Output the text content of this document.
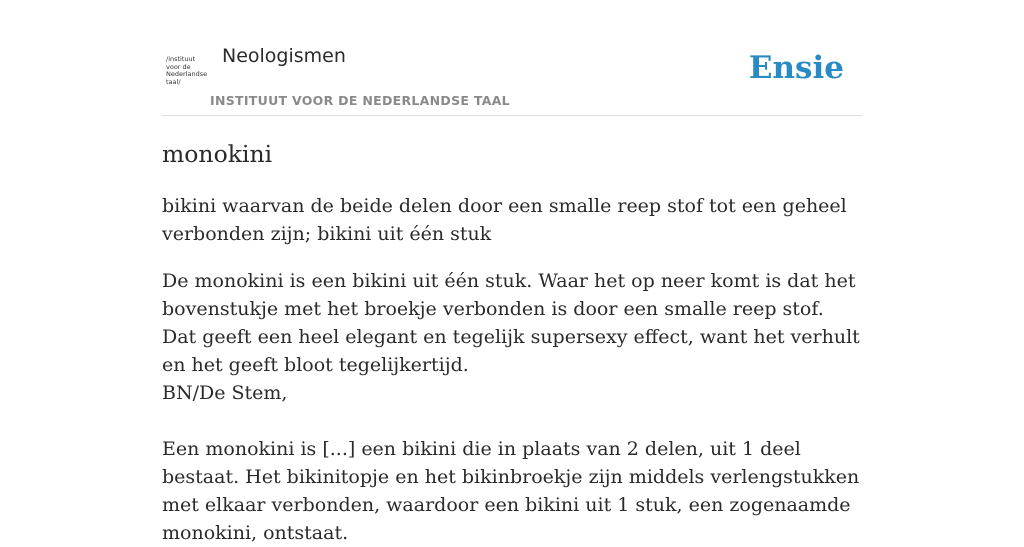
/instituut
voor de
Nederlandse
taal/
Neologismen
INSTITUUT VOOR DE NEDERLANDSE TAAL
Ensie
monokini

bikini waarvan de beide delen door een smalle reep stof tot een geheel verbonden zijn; bikini uit één stuk

De monokini is een bikini uit één stuk. Waar het op neer komt is dat het bovenstukje met het broekje verbonden is door een smalle reep stof. Dat geeft een heel elegant en tegelijk supersexy effect, want het verhult en het geeft bloot tegelijkertijd.
BN/De Stem,
Een monokini is [...] een bikini die in plaats van 2 delen, uit 1 deel bestaat. Het bikinitopje en het bikinbroekje zijn middels verlengstukken met elkaar verbonden, waardoor een bikini uit 1 stuk, een zogenaamde monokini, ontstaat.
